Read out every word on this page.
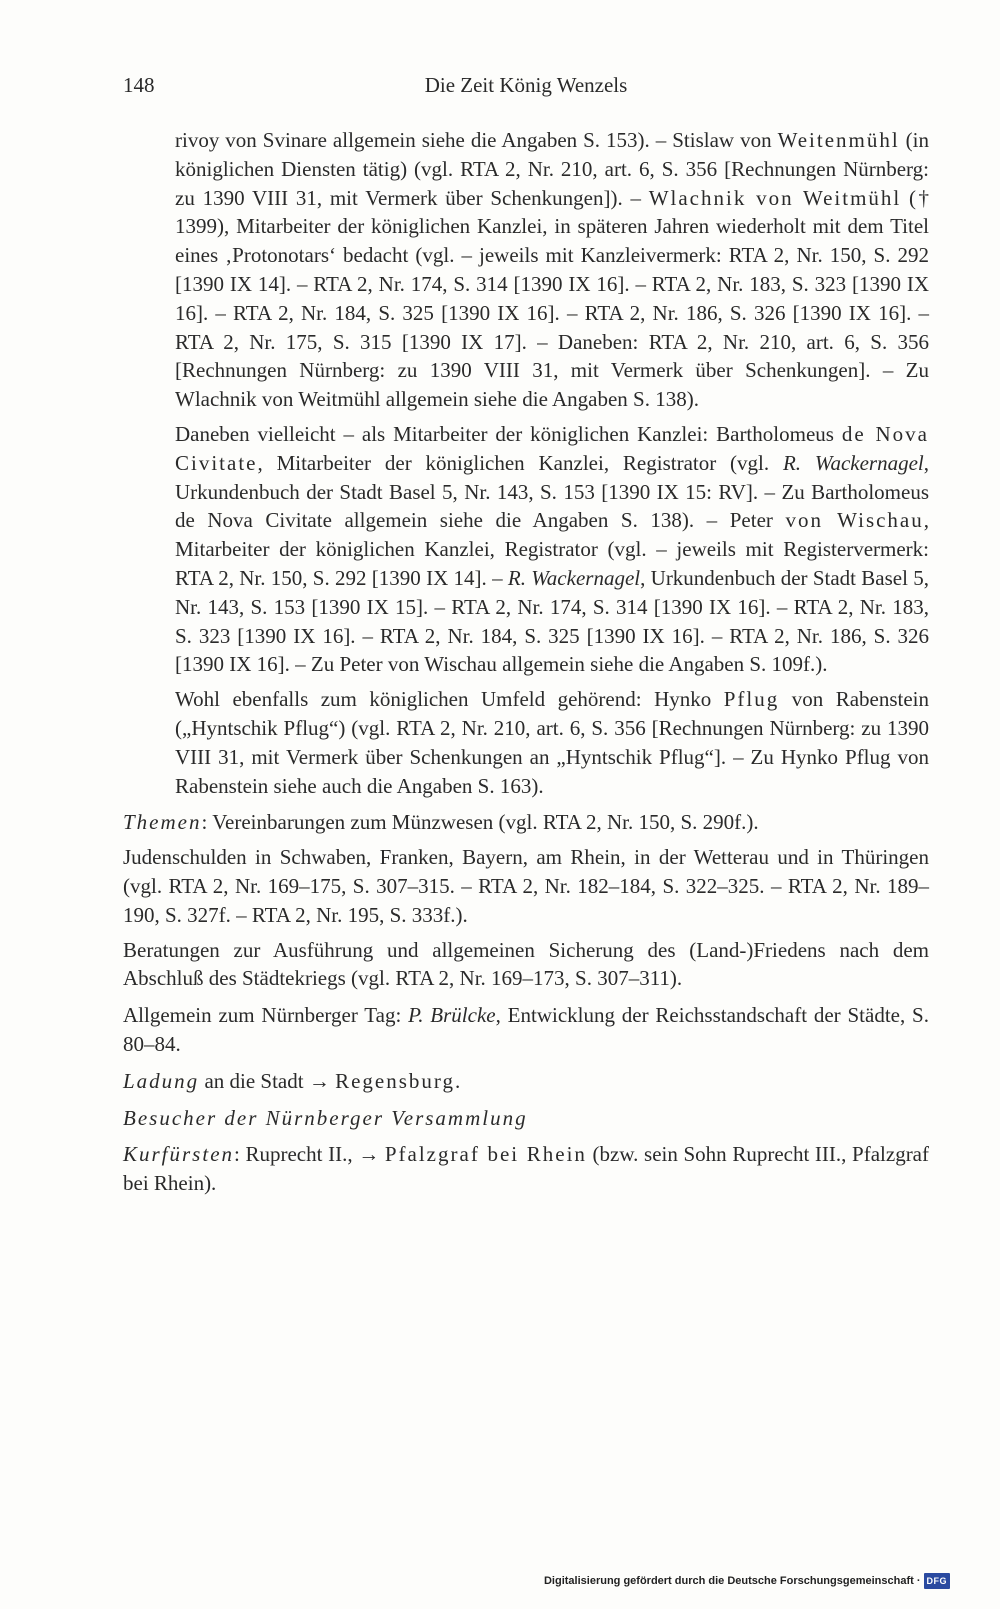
148	Die Zeit König Wenzels

rivoy von Svinare allgemein siehe die Angaben S. 153). – Stislaw von Weitenmühl (in königlichen Diensten tätig) (vgl. RTA 2, Nr. 210, art. 6, S. 356 [Rechnungen Nürnberg: zu 1390 VIII 31, mit Vermerk über Schenkungen]). – Wlachnik von Weitmühl († 1399), Mitarbeiter der königlichen Kanzlei, in späteren Jahren wiederholt mit dem Titel eines ‚Protonotars‘ bedacht (vgl. – jeweils mit Kanzleivermerk: RTA 2, Nr. 150, S. 292 [1390 IX 14]. – RTA 2, Nr. 174, S. 314 [1390 IX 16]. – RTA 2, Nr. 183, S. 323 [1390 IX 16]. – RTA 2, Nr. 184, S. 325 [1390 IX 16]. – RTA 2, Nr. 186, S. 326 [1390 IX 16]. – RTA 2, Nr. 175, S. 315 [1390 IX 17]. – Daneben: RTA 2, Nr. 210, art. 6, S. 356 [Rechnungen Nürnberg: zu 1390 VIII 31, mit Vermerk über Schenkungen]. – Zu Wlachnik von Weitmühl allgemein siehe die Angaben S. 138).

Daneben vielleicht – als Mitarbeiter der königlichen Kanzlei: Bartholomeus de Nova Civitate, Mitarbeiter der königlichen Kanzlei, Registrator (vgl. R. Wackernagel, Urkundenbuch der Stadt Basel 5, Nr. 143, S. 153 [1390 IX 15: RV]. – Zu Bartholomeus de Nova Civitate allgemein siehe die Angaben S. 138). – Peter von Wischau, Mitarbeiter der königlichen Kanzlei, Registrator (vgl. – jeweils mit Registervermerk: RTA 2, Nr. 150, S. 292 [1390 IX 14]. – R. Wackernagel, Urkundenbuch der Stadt Basel 5, Nr. 143, S. 153 [1390 IX 15]. – RTA 2, Nr. 174, S. 314 [1390 IX 16]. – RTA 2, Nr. 183, S. 323 [1390 IX 16]. – RTA 2, Nr. 184, S. 325 [1390 IX 16]. – RTA 2, Nr. 186, S. 326 [1390 IX 16]. – Zu Peter von Wischau allgemein siehe die Angaben S. 109f.).

Wohl ebenfalls zum königlichen Umfeld gehörend: Hynko Pflug von Rabenstein („Hyntschik Pflug“) (vgl. RTA 2, Nr. 210, art. 6, S. 356 [Rechnungen Nürnberg: zu 1390 VIII 31, mit Vermerk über Schenkungen an „Hyntschik Pflug“]. – Zu Hynko Pflug von Rabenstein siehe auch die Angaben S. 163).

Themen: Vereinbarungen zum Münzwesen (vgl. RTA 2, Nr. 150, S. 290f.).

Judenschulden in Schwaben, Franken, Bayern, am Rhein, in der Wetterau und in Thüringen (vgl. RTA 2, Nr. 169–175, S. 307–315. – RTA 2, Nr. 182–184, S. 322–325. – RTA 2, Nr. 189–190, S. 327f. – RTA 2, Nr. 195, S. 333f.).

Beratungen zur Ausführung und allgemeinen Sicherung des (Land-)Friedens nach dem Abschluß des Städtekriegs (vgl. RTA 2, Nr. 169–173, S. 307–311).

Allgemein zum Nürnberger Tag: P. Brülcke, Entwicklung der Reichsstandschaft der Städte, S. 80–84.

Ladung an die Stadt → Regensburg.

Besucher der Nürnberger Versammlung

Kurfürsten: Ruprecht II., → Pfalzgraf bei Rhein (bzw. sein Sohn Ruprecht III., Pfalzgraf bei Rhein).

Digitalisierung gefördert durch die Deutsche Forschungsgemeinschaft · DFG
